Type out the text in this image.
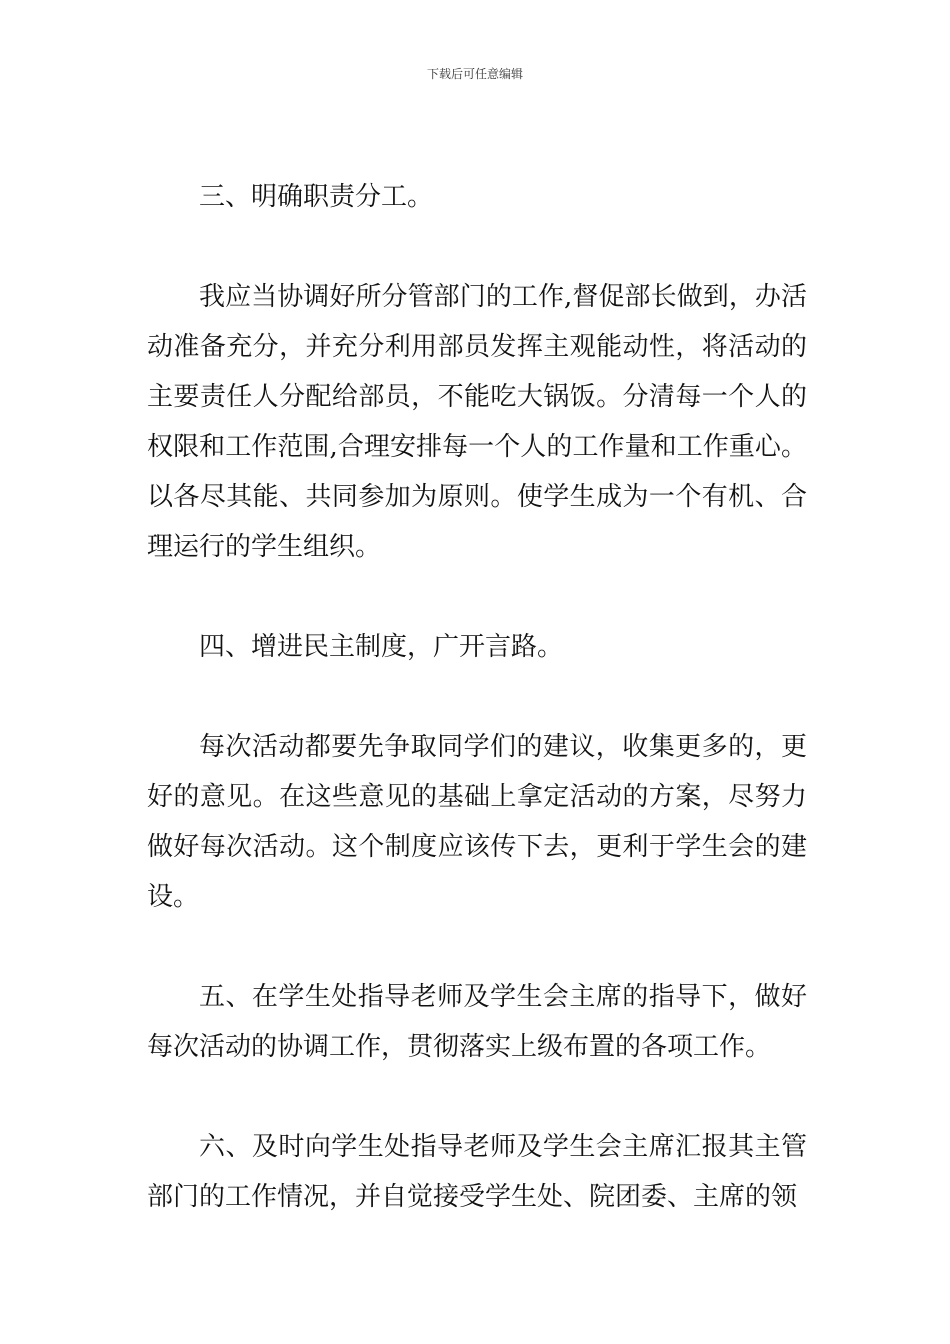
下载后可任意编辑

三、明确职责分工。

我应当协调好所分管部门的工作,督促部长做到，办活动准备充分，并充分利用部员发挥主观能动性，将活动的主要责任人分配给部员，不能吃大锅饭。分清每一个人的权限和工作范围,合理安排每一个人的工作量和工作重心。以各尽其能、共同参加为原则。使学生成为一个有机、合理运行的学生组织。

四、增进民主制度，广开言路。

每次活动都要先争取同学们的建议，收集更多的，更好的意见。在这些意见的基础上拿定活动的方案，尽努力做好每次活动。这个制度应该传下去，更利于学生会的建设。

五、在学生处指导老师及学生会主席的指导下，做好每次活动的协调工作，贯彻落实上级布置的各项工作。

六、及时向学生处指导老师及学生会主席汇报其主管部门的工作情况，并自觉接受学生处、院团委、主席的领
